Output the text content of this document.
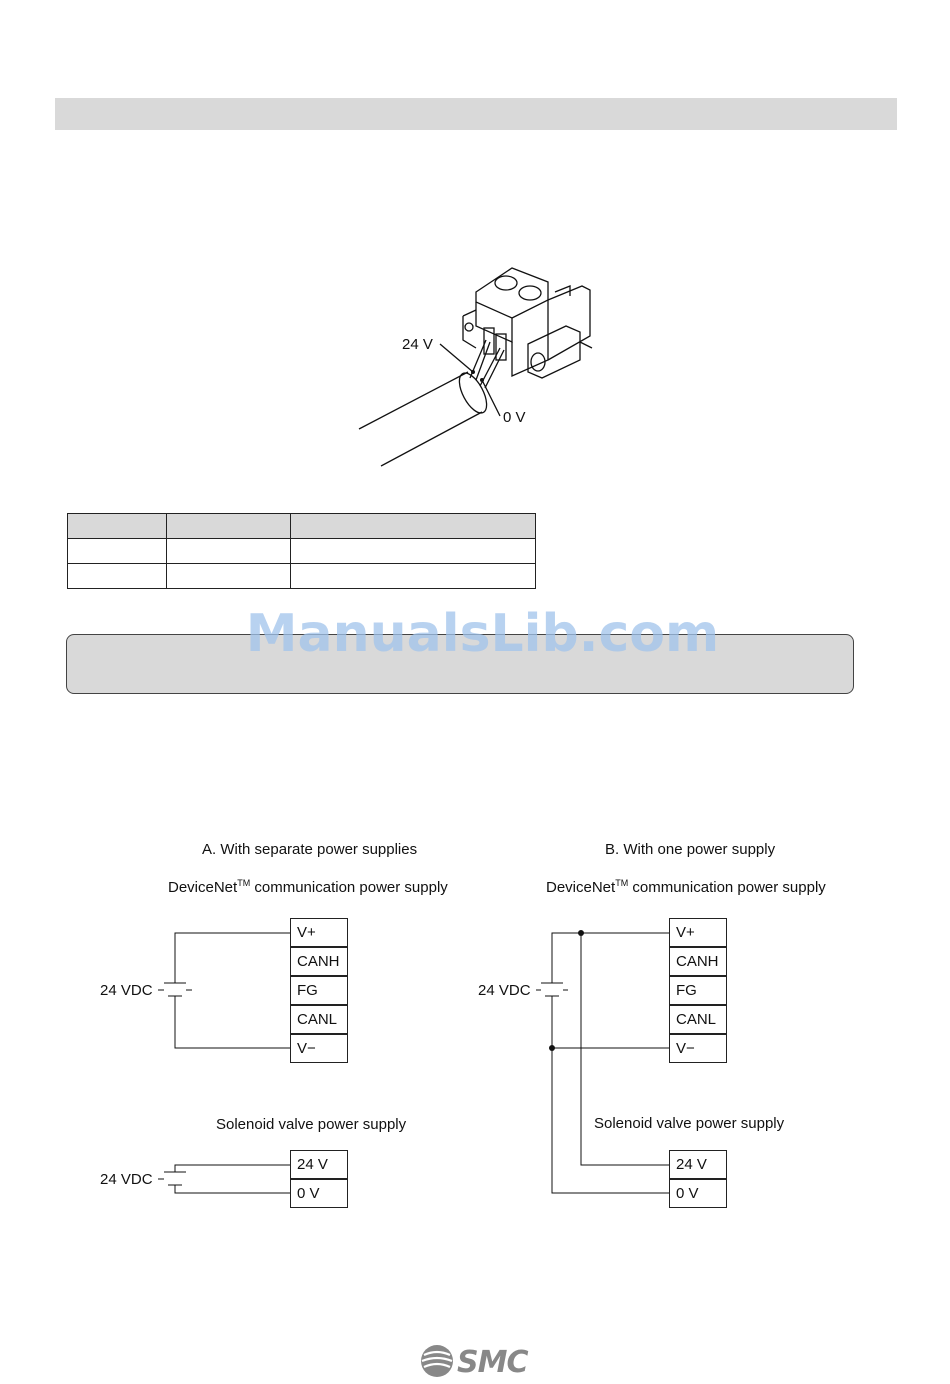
24 V
0 V

ManualsLib.com
A. With separate power supplies
DeviceNet™ communication power supply
24 VDC
V+
CANH
FG
CANL
V−
Solenoid valve power supply
24 VDC
24 V
0 V
B. With one power supply
DeviceNet™ communication power supply
24 VDC
V+
CANH
FG
CANL
V−
Solenoid valve power supply
24 V
0 V
SMC
